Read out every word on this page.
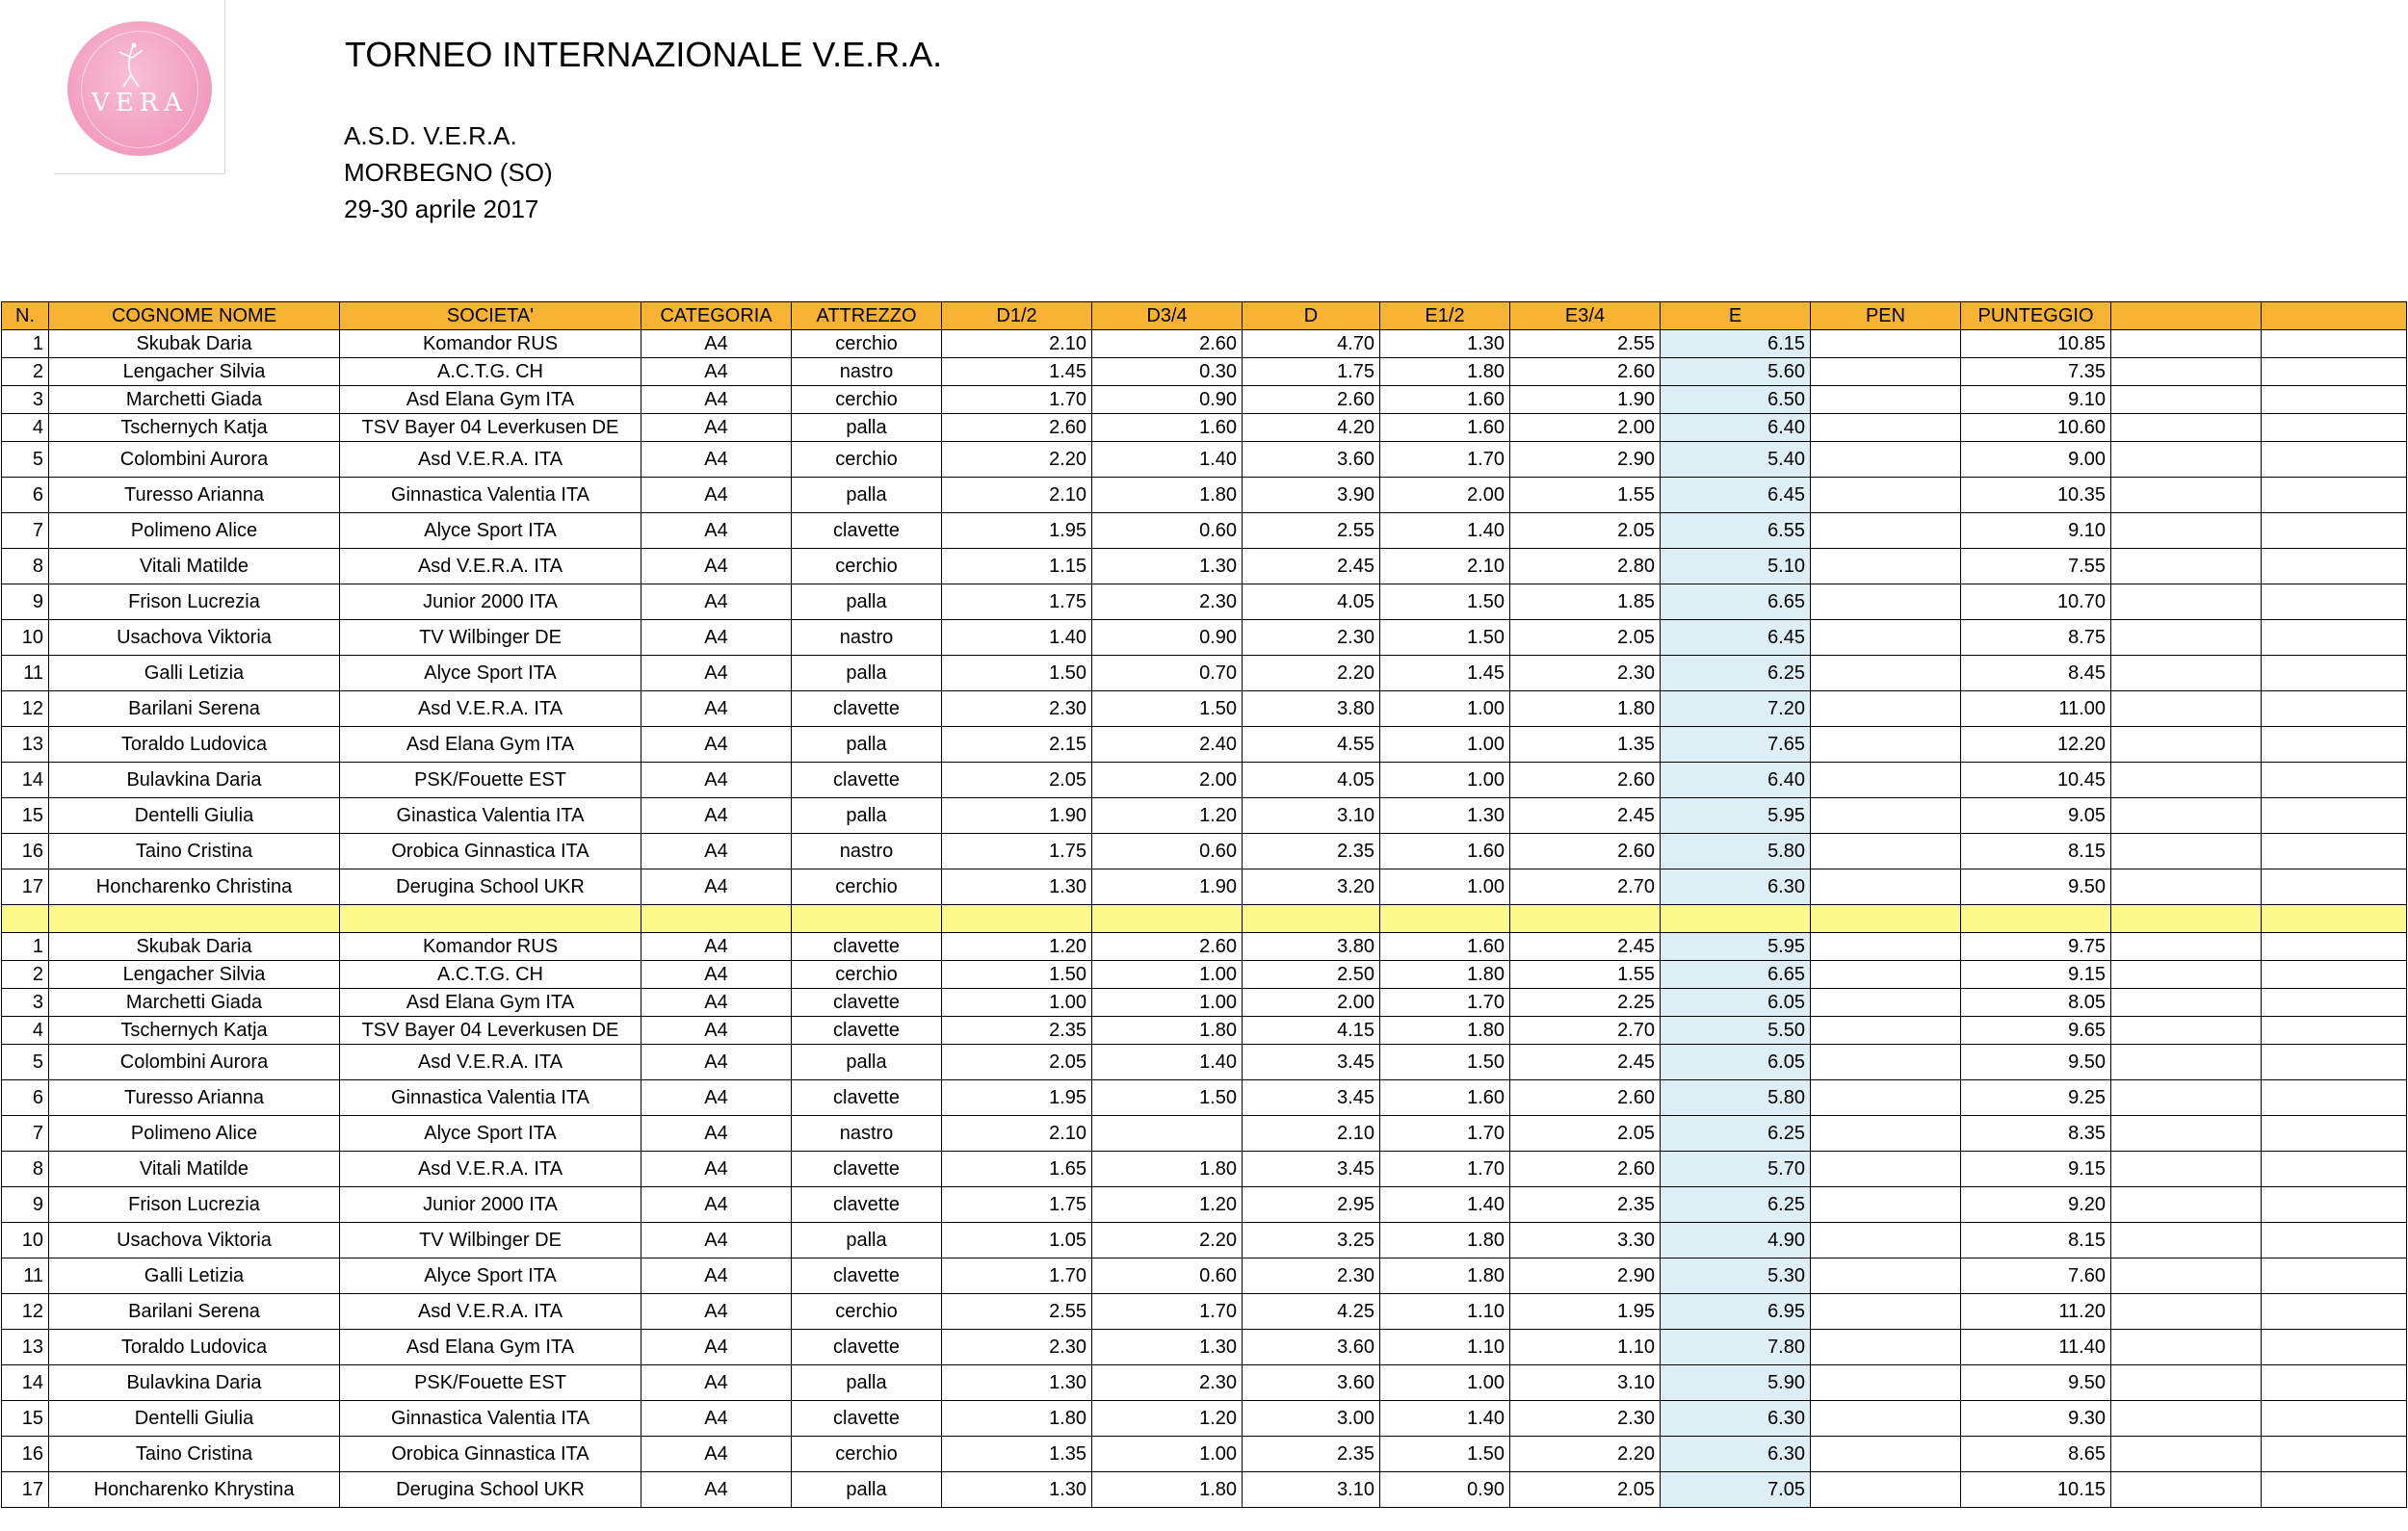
VERA
TORNEO INTERNAZIONALE V.E.R.A.
A.S.D. V.E.R.A.
MORBEGNO (SO)
29-30 aprile 2017
N.	COGNOME NOME	SOCIETA'	CATEGORIA	ATTREZZO	D1/2	D3/4	D	E1/2	E3/4	E	PEN	PUNTEGGIO		
1	Skubak Daria	Komandor RUS	A4	cerchio	2.10	2.60	4.70	1.30	2.55	6.15		10.85		
2	Lengacher Silvia	A.C.T.G. CH	A4	nastro	1.45	0.30	1.75	1.80	2.60	5.60		7.35		
3	Marchetti Giada	Asd Elana Gym ITA	A4	cerchio	1.70	0.90	2.60	1.60	1.90	6.50		9.10		
4	Tschernych Katja	TSV Bayer 04 Leverkusen DE	A4	palla	2.60	1.60	4.20	1.60	2.00	6.40		10.60		
5	Colombini Aurora	Asd V.E.R.A. ITA	A4	cerchio	2.20	1.40	3.60	1.70	2.90	5.40		9.00		
6	Turesso Arianna	Ginnastica Valentia ITA	A4	palla	2.10	1.80	3.90	2.00	1.55	6.45		10.35		
7	Polimeno Alice	Alyce Sport ITA	A4	clavette	1.95	0.60	2.55	1.40	2.05	6.55		9.10		
8	Vitali Matilde	Asd V.E.R.A. ITA	A4	cerchio	1.15	1.30	2.45	2.10	2.80	5.10		7.55		
9	Frison Lucrezia	Junior 2000 ITA	A4	palla	1.75	2.30	4.05	1.50	1.85	6.65		10.70		
10	Usachova Viktoria	TV Wilbinger DE	A4	nastro	1.40	0.90	2.30	1.50	2.05	6.45		8.75		
11	Galli Letizia	Alyce Sport ITA	A4	palla	1.50	0.70	2.20	1.45	2.30	6.25		8.45		
12	Barilani Serena	Asd V.E.R.A. ITA	A4	clavette	2.30	1.50	3.80	1.00	1.80	7.20		11.00		
13	Toraldo Ludovica	Asd Elana Gym ITA	A4	palla	2.15	2.40	4.55	1.00	1.35	7.65		12.20		
14	Bulavkina Daria	PSK/Fouette EST	A4	clavette	2.05	2.00	4.05	1.00	2.60	6.40		10.45		
15	Dentelli Giulia	Ginastica Valentia ITA	A4	palla	1.90	1.20	3.10	1.30	2.45	5.95		9.05		
16	Taino Cristina	Orobica Ginnastica ITA	A4	nastro	1.75	0.60	2.35	1.60	2.60	5.80		8.15		
17	Honcharenko Christina	Derugina School UKR	A4	cerchio	1.30	1.90	3.20	1.00	2.70	6.30		9.50		

1	Skubak Daria	Komandor RUS	A4	clavette	1.20	2.60	3.80	1.60	2.45	5.95		9.75		
2	Lengacher Silvia	A.C.T.G. CH	A4	cerchio	1.50	1.00	2.50	1.80	1.55	6.65		9.15		
3	Marchetti Giada	Asd Elana Gym ITA	A4	clavette	1.00	1.00	2.00	1.70	2.25	6.05		8.05		
4	Tschernych Katja	TSV Bayer 04 Leverkusen DE	A4	clavette	2.35	1.80	4.15	1.80	2.70	5.50		9.65		
5	Colombini Aurora	Asd V.E.R.A. ITA	A4	palla	2.05	1.40	3.45	1.50	2.45	6.05		9.50		
6	Turesso Arianna	Ginnastica Valentia ITA	A4	clavette	1.95	1.50	3.45	1.60	2.60	5.80		9.25		
7	Polimeno Alice	Alyce Sport ITA	A4	nastro	2.10		2.10	1.70	2.05	6.25		8.35		
8	Vitali Matilde	Asd V.E.R.A. ITA	A4	clavette	1.65	1.80	3.45	1.70	2.60	5.70		9.15		
9	Frison Lucrezia	Junior 2000 ITA	A4	clavette	1.75	1.20	2.95	1.40	2.35	6.25		9.20		
10	Usachova Viktoria	TV Wilbinger DE	A4	palla	1.05	2.20	3.25	1.80	3.30	4.90		8.15		
11	Galli Letizia	Alyce Sport ITA	A4	clavette	1.70	0.60	2.30	1.80	2.90	5.30		7.60		
12	Barilani Serena	Asd V.E.R.A. ITA	A4	cerchio	2.55	1.70	4.25	1.10	1.95	6.95		11.20		
13	Toraldo Ludovica	Asd Elana Gym ITA	A4	clavette	2.30	1.30	3.60	1.10	1.10	7.80		11.40		
14	Bulavkina Daria	PSK/Fouette EST	A4	palla	1.30	2.30	3.60	1.00	3.10	5.90		9.50		
15	Dentelli Giulia	Ginnastica Valentia ITA	A4	clavette	1.80	1.20	3.00	1.40	2.30	6.30		9.30		
16	Taino Cristina	Orobica Ginnastica ITA	A4	cerchio	1.35	1.00	2.35	1.50	2.20	6.30		8.65		
17	Honcharenko Khrystina	Derugina School UKR	A4	palla	1.30	1.80	3.10	0.90	2.05	7.05		10.15		
